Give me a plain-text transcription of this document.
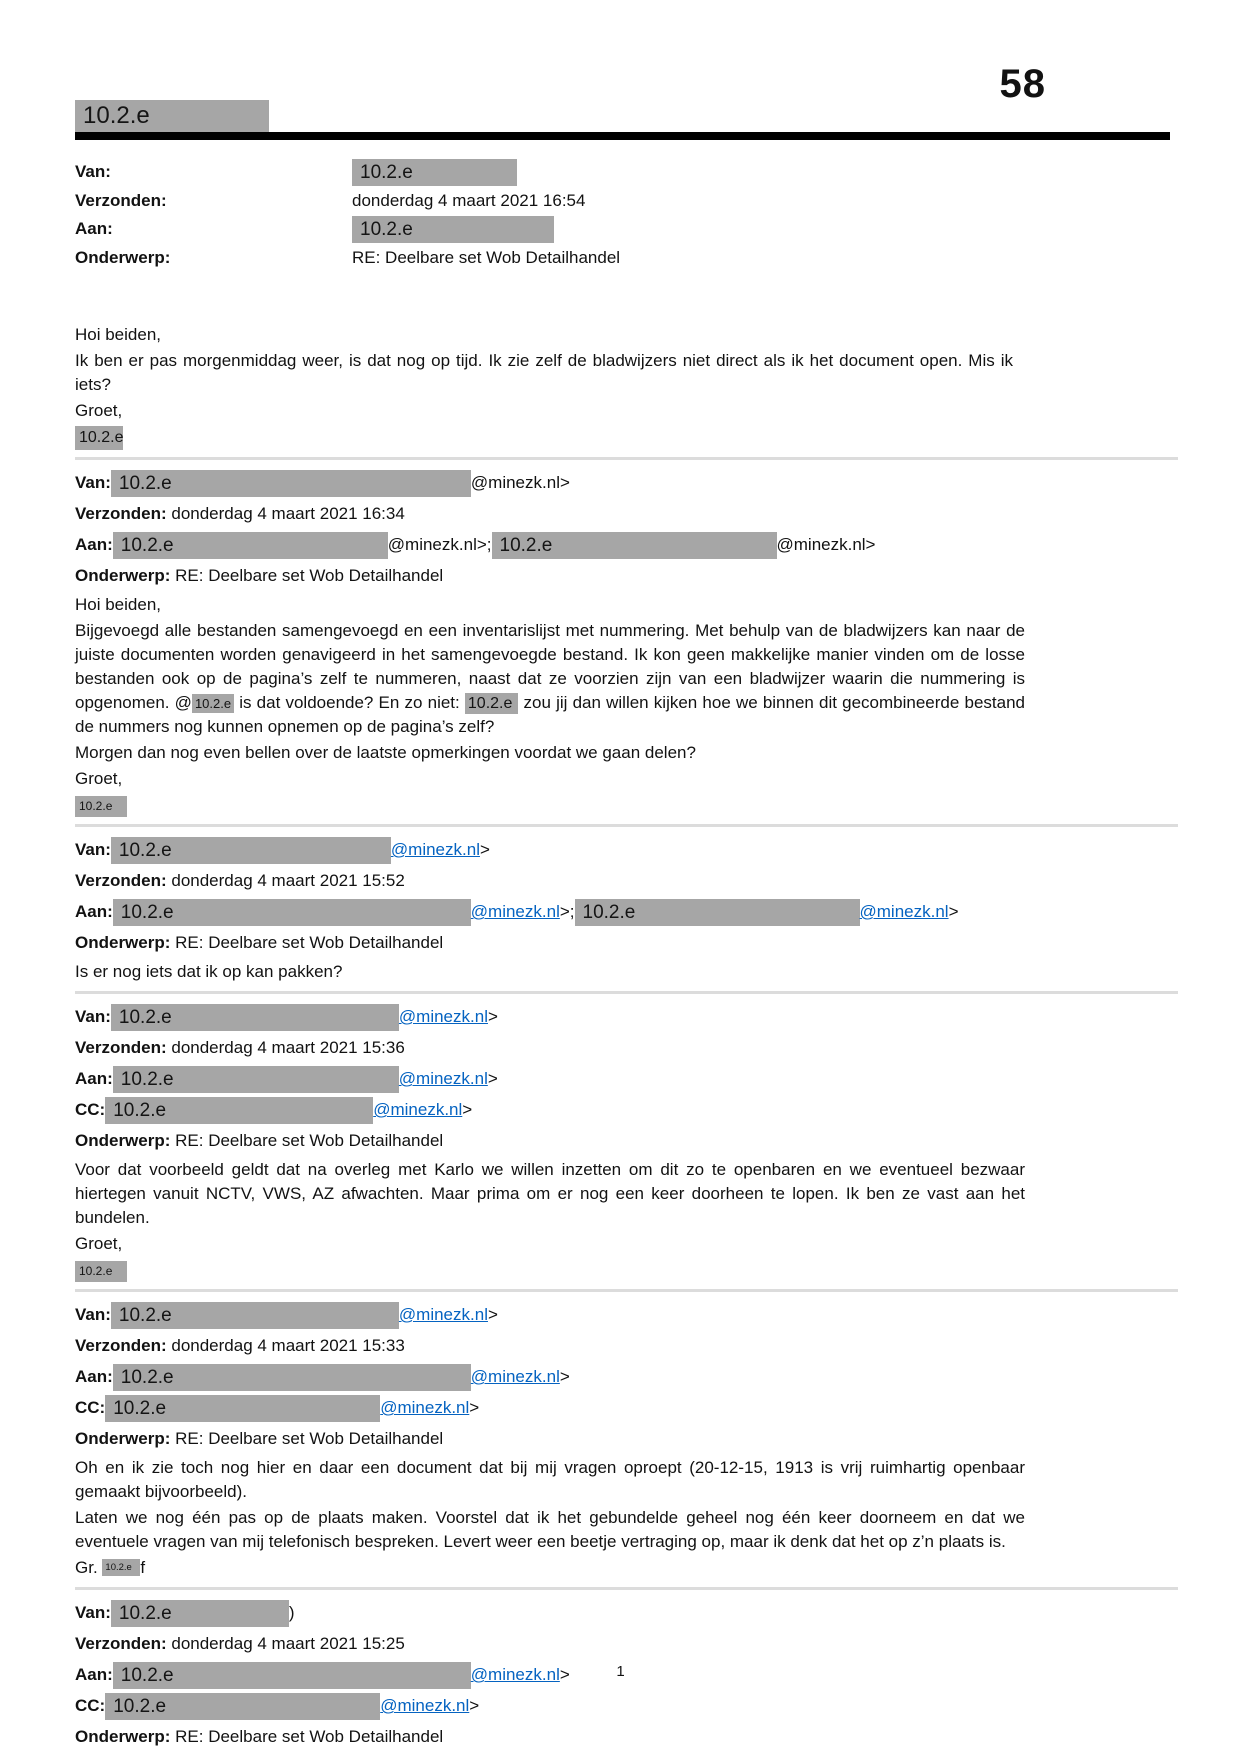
58
10.2.e
Van:	10.2.e
Verzonden:	donderdag 4 maart 2021 16:54
Aan:	10.2.e
Onderwerp:	RE: Deelbare set Wob Detailhandel
Hoi beiden,
Ik ben er pas morgenmiddag weer, is dat nog op tijd. Ik zie zelf de bladwijzers niet direct als ik het document open. Mis ik iets?
Groet,
10.2.e
Van: 10.2.e	@minezk.nl>
Verzonden: donderdag 4 maart 2021 16:34
Aan: 10.2.e	@minezk.nl>; 10.2.e	@minezk.nl>
Onderwerp: RE: Deelbare set Wob Detailhandel
Hoi beiden,
Bijgevoegd alle bestanden samengevoegd en een inventarislijst met nummering. Met behulp van de bladwijzers kan naar de juiste documenten worden genavigeerd in het samengevoegde bestand. Ik kon geen makkelijke manier vinden om de losse bestanden ook op de pagina’s zelf te nummeren, naast dat ze voorzien zijn van een bladwijzer waarin die nummering is opgenomen. @ 10.2.e is dat voldoende? En zo niet: 10.2.e zou jij dan willen kijken hoe we binnen dit gecombineerde bestand de nummers nog kunnen opnemen op de pagina’s zelf?
Morgen dan nog even bellen over de laatste opmerkingen voordat we gaan delen?
Groet,
10.2.e
Van: 10.2.e	@minezk.nl>
Verzonden: donderdag 4 maart 2021 15:52
Aan: 10.2.e	@minezk.nl>; 10.2.e	@minezk.nl>
Onderwerp: RE: Deelbare set Wob Detailhandel
Is er nog iets dat ik op kan pakken?
Van: 10.2.e	@minezk.nl>
Verzonden: donderdag 4 maart 2021 15:36
Aan: 10.2.e	@minezk.nl>
CC: 10.2.e	@minezk.nl>
Onderwerp: RE: Deelbare set Wob Detailhandel
Voor dat voorbeeld geldt dat na overleg met Karlo we willen inzetten om dit zo te openbaren en we eventueel bezwaar hiertegen vanuit NCTV, VWS, AZ afwachten. Maar prima om er nog een keer doorheen te lopen. Ik ben ze vast aan het bundelen.
Groet,
10.2.e
Van: 10.2.e	@minezk.nl>
Verzonden: donderdag 4 maart 2021 15:33
Aan: 10.2.e	@minezk.nl>
CC: 10.2.e	@minezk.nl>
Onderwerp: RE: Deelbare set Wob Detailhandel
Oh en ik zie toch nog hier en daar een document dat bij mij vragen oproept (20-12-15, 1913 is vrij ruimhartig openbaar gemaakt bijvoorbeeld).
Laten we nog één pas op de plaats maken. Voorstel dat ik het gebundelde geheel nog één keer doorneem en dat we eventuele vragen van mij telefonisch bespreken. Levert weer een beetje vertraging op, maar ik denk dat het op z’n plaats is.
Gr. 10.2.e f
Van: 10.2.e	)
Verzonden: donderdag 4 maart 2021 15:25
Aan: 10.2.e	@minezk.nl>
CC: 10.2.e	@minezk.nl>
Onderwerp: RE: Deelbare set Wob Detailhandel
1
